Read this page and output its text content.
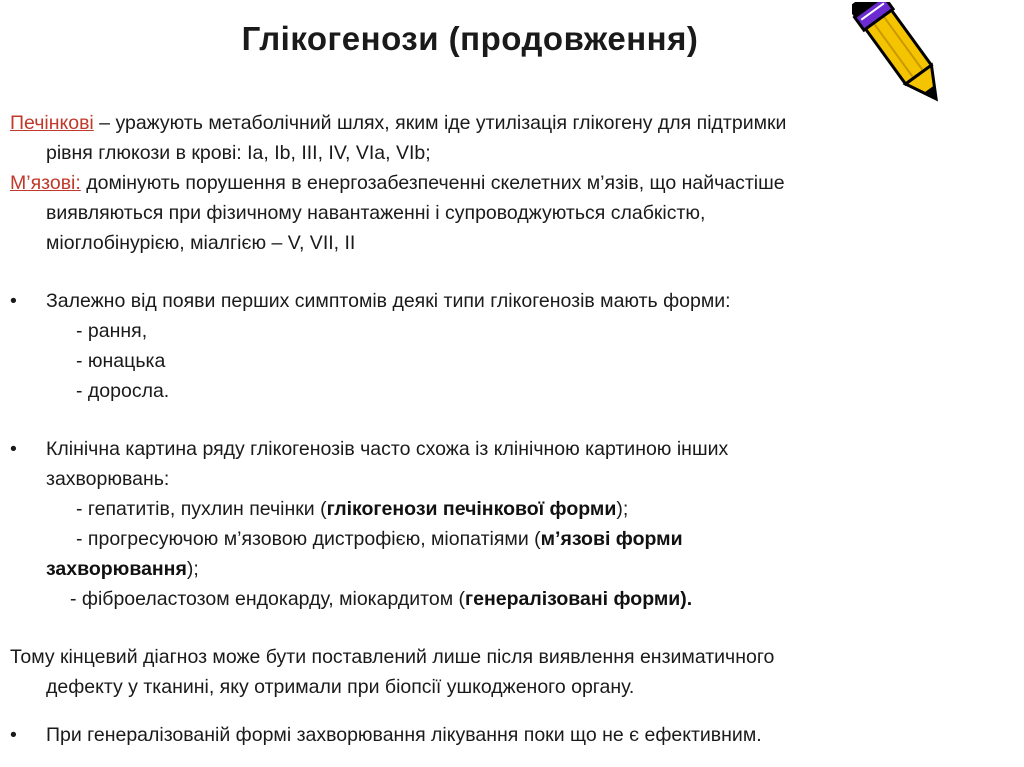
Глікогенози (продовження)
Печінкові – уражують метаболічний шлях, яким іде утилізація глікогену для підтримки
рівня глюкози в крові: Ia, Ib, III, IV, VIa, VIb;
М’язові: домінують порушення в енергозабезпеченні скелетних м’язів, що найчастіше
виявляються при фізичному навантаженні і супроводжуються слабкістю,
міоглобінурією, міалгією – V, VII, II
• Залежно від появи перших симптомів деякі типи глікогенозів мають форми:
- рання,
- юнацька
- доросла.
• Клінічна картина ряду глікогенозів часто схожа із клінічною картиною інших
захворювань:
- гепатитів, пухлин печінки (глікогенози печінкової форми);
- прогресуючою м’язовою дистрофією, міопатіями (м’язові форми
захворювання);
- фіброеластозом ендокарду, міокардитом (генералізовані форми).
Тому кінцевий діагноз може бути поставлений лише після виявлення ензиматичного
дефекту у тканині, яку отримали при біопсії ушкодженого органу.
• При генералізованій формі захворювання лікування поки що не є ефективним.
